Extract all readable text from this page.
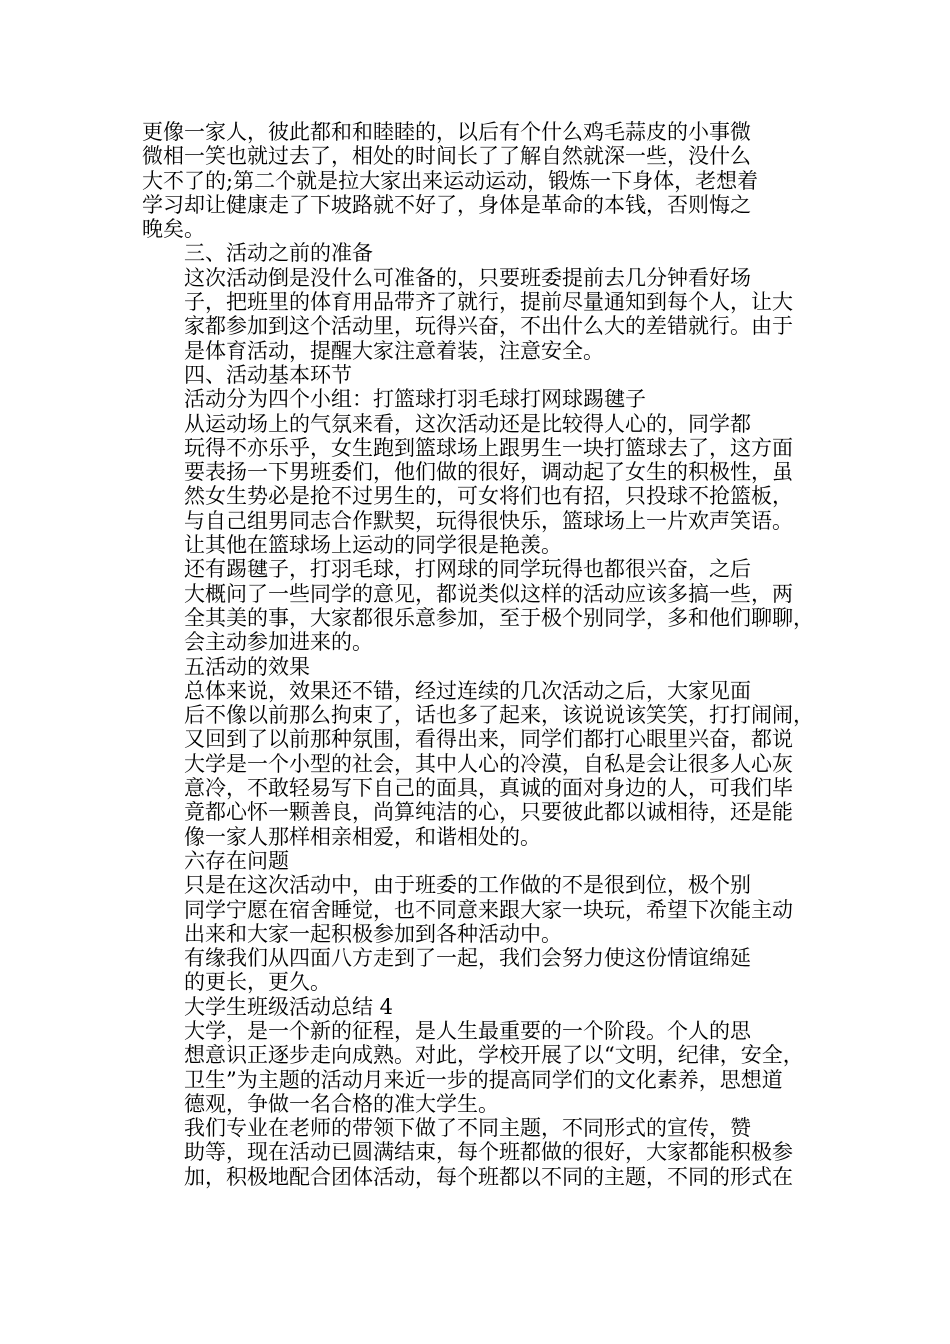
更像一家人，彼此都和和睦睦的，以后有个什么鸡毛蒜皮的小事微
微相一笑也就过去了，相处的时间长了了解自然就深一些，没什么
大不了的;第二个就是拉大家出来运动运动，锻炼一下身体，老想着
学习却让健康走了下坡路就不好了，身体是革命的本钱，否则悔之
晚矣。
三、活动之前的准备
这次活动倒是没什么可准备的，只要班委提前去几分钟看好场
子，把班里的体育用品带齐了就行，提前尽量通知到每个人，让大
家都参加到这个活动里，玩得兴奋，不出什么大的差错就行。由于
是体育活动，提醒大家注意着装，注意安全。
四、活动基本环节
活动分为四个小组：打篮球打羽毛球打网球踢毽子
从运动场上的气氛来看，这次活动还是比较得人心的，同学都
玩得不亦乐乎，女生跑到篮球场上跟男生一块打篮球去了，这方面
要表扬一下男班委们，他们做的很好，调动起了女生的积极性，虽
然女生势必是抢不过男生的，可女将们也有招，只投球不抢篮板，
与自己组男同志合作默契，玩得很快乐，篮球场上一片欢声笑语。
让其他在篮球场上运动的同学很是艳羡。
还有踢毽子，打羽毛球，打网球的同学玩得也都很兴奋，之后
大概问了一些同学的意见，都说类似这样的活动应该多搞一些，两
全其美的事，大家都很乐意参加，至于极个别同学，多和他们聊聊，
会主动参加进来的。
五活动的效果
总体来说，效果还不错，经过连续的几次活动之后，大家见面
后不像以前那么拘束了，话也多了起来，该说说该笑笑，打打闹闹，
又回到了以前那种氛围，看得出来，同学们都打心眼里兴奋，都说
大学是一个小型的社会，其中人心的冷漠，自私是会让很多人心灰
意冷，不敢轻易写下自己的面具，真诚的面对身边的人，可我们毕
竟都心怀一颗善良，尚算纯洁的心，只要彼此都以诚相待，还是能
像一家人那样相亲相爱，和谐相处的。
六存在问题
只是在这次活动中，由于班委的工作做的不是很到位，极个别
同学宁愿在宿舍睡觉，也不同意来跟大家一块玩，希望下次能主动
出来和大家一起积极参加到各种活动中。
有缘我们从四面八方走到了一起，我们会努力使这份情谊绵延
的更长，更久。
大学生班级活动总结 4
大学，是一个新的征程，是人生最重要的一个阶段。个人的思
想意识正逐步走向成熟。对此，学校开展了以“文明，纪律，安全，
卫生”为主题的活动月来近一步的提高同学们的文化素养，思想道
德观，争做一名合格的准大学生。
我们专业在老师的带领下做了不同主题，不同形式的宣传，赞
助等，现在活动已圆满结束，每个班都做的很好，大家都能积极参
加，积极地配合团体活动，每个班都以不同的主题，不同的形式在
